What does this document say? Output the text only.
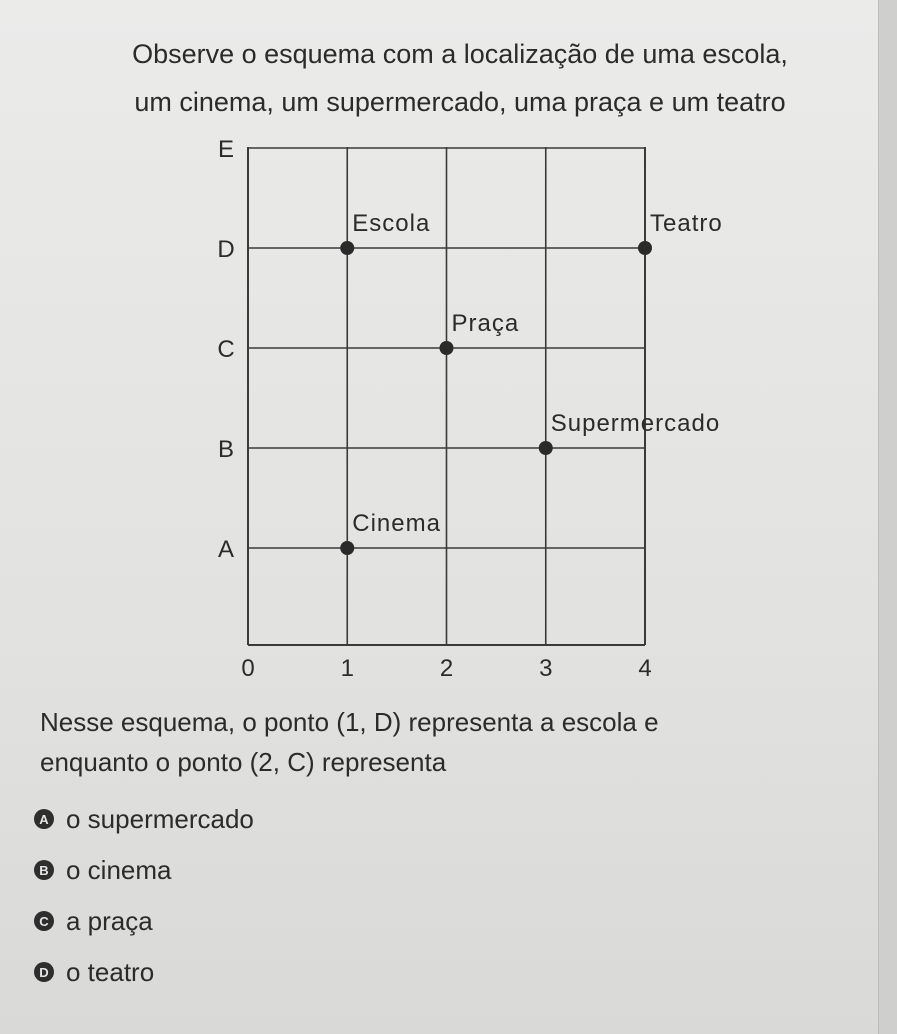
Observe o esquema com a localização de uma escola,
um cinema, um supermercado, uma praça e um teatro

A
B
C
D
E
0	1	2	3	4
Escola	Teatro
Praça
Supermercado
Cinema

Nesse esquema, o ponto (1, D) representa a escola e
enquanto o ponto (2, C) representa

A o supermercado
B o cinema
C a praça
D o teatro
